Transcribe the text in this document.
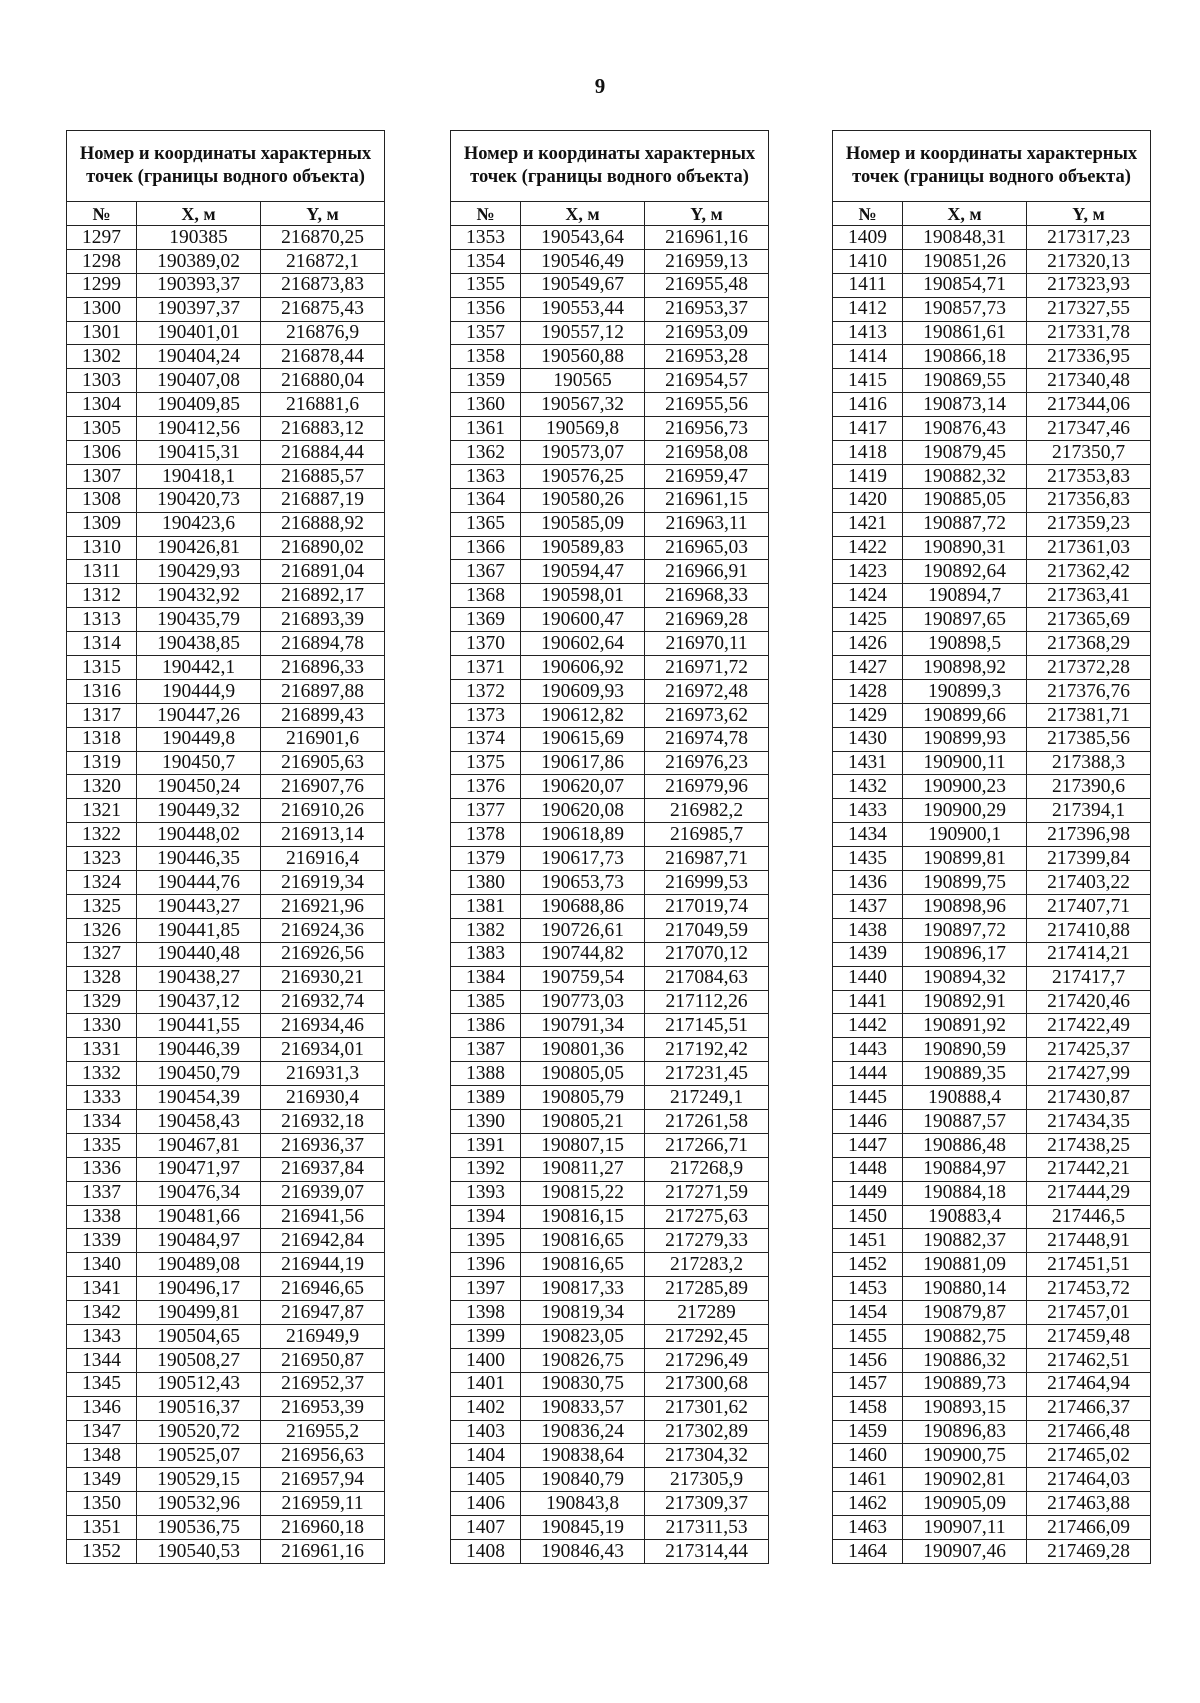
9
Номер и координаты характерных точек (границы водного объекта)		
№	X, м	Y, м
1297	190385	216870,25
1298	190389,02	216872,1
1299	190393,37	216873,83
1300	190397,37	216875,43
1301	190401,01	216876,9
1302	190404,24	216878,44
1303	190407,08	216880,04
1304	190409,85	216881,6
1305	190412,56	216883,12
1306	190415,31	216884,44
1307	190418,1	216885,57
1308	190420,73	216887,19
1309	190423,6	216888,92
1310	190426,81	216890,02
1311	190429,93	216891,04
1312	190432,92	216892,17
1313	190435,79	216893,39
1314	190438,85	216894,78
1315	190442,1	216896,33
1316	190444,9	216897,88
1317	190447,26	216899,43
1318	190449,8	216901,6
1319	190450,7	216905,63
1320	190450,24	216907,76
1321	190449,32	216910,26
1322	190448,02	216913,14
1323	190446,35	216916,4
1324	190444,76	216919,34
1325	190443,27	216921,96
1326	190441,85	216924,36
1327	190440,48	216926,56
1328	190438,27	216930,21
1329	190437,12	216932,74
1330	190441,55	216934,46
1331	190446,39	216934,01
1332	190450,79	216931,3
1333	190454,39	216930,4
1334	190458,43	216932,18
1335	190467,81	216936,37
1336	190471,97	216937,84
1337	190476,34	216939,07
1338	190481,66	216941,56
1339	190484,97	216942,84
1340	190489,08	216944,19
1341	190496,17	216946,65
1342	190499,81	216947,87
1343	190504,65	216949,9
1344	190508,27	216950,87
1345	190512,43	216952,37
1346	190516,37	216953,39
1347	190520,72	216955,2
1348	190525,07	216956,63
1349	190529,15	216957,94
1350	190532,96	216959,11
1351	190536,75	216960,18
1352	190540,53	216961,16
Номер и координаты характерных точек (границы водного объекта)		
№	X, м	Y, м
1353	190543,64	216961,16
1354	190546,49	216959,13
1355	190549,67	216955,48
1356	190553,44	216953,37
1357	190557,12	216953,09
1358	190560,88	216953,28
1359	190565	216954,57
1360	190567,32	216955,56
1361	190569,8	216956,73
1362	190573,07	216958,08
1363	190576,25	216959,47
1364	190580,26	216961,15
1365	190585,09	216963,11
1366	190589,83	216965,03
1367	190594,47	216966,91
1368	190598,01	216968,33
1369	190600,47	216969,28
1370	190602,64	216970,11
1371	190606,92	216971,72
1372	190609,93	216972,48
1373	190612,82	216973,62
1374	190615,69	216974,78
1375	190617,86	216976,23
1376	190620,07	216979,96
1377	190620,08	216982,2
1378	190618,89	216985,7
1379	190617,73	216987,71
1380	190653,73	216999,53
1381	190688,86	217019,74
1382	190726,61	217049,59
1383	190744,82	217070,12
1384	190759,54	217084,63
1385	190773,03	217112,26
1386	190791,34	217145,51
1387	190801,36	217192,42
1388	190805,05	217231,45
1389	190805,79	217249,1
1390	190805,21	217261,58
1391	190807,15	217266,71
1392	190811,27	217268,9
1393	190815,22	217271,59
1394	190816,15	217275,63
1395	190816,65	217279,33
1396	190816,65	217283,2
1397	190817,33	217285,89
1398	190819,34	217289
1399	190823,05	217292,45
1400	190826,75	217296,49
1401	190830,75	217300,68
1402	190833,57	217301,62
1403	190836,24	217302,89
1404	190838,64	217304,32
1405	190840,79	217305,9
1406	190843,8	217309,37
1407	190845,19	217311,53
1408	190846,43	217314,44
Номер и координаты характерных точек (границы водного объекта)		
№	X, м	Y, м
1409	190848,31	217317,23
1410	190851,26	217320,13
1411	190854,71	217323,93
1412	190857,73	217327,55
1413	190861,61	217331,78
1414	190866,18	217336,95
1415	190869,55	217340,48
1416	190873,14	217344,06
1417	190876,43	217347,46
1418	190879,45	217350,7
1419	190882,32	217353,83
1420	190885,05	217356,83
1421	190887,72	217359,23
1422	190890,31	217361,03
1423	190892,64	217362,42
1424	190894,7	217363,41
1425	190897,65	217365,69
1426	190898,5	217368,29
1427	190898,92	217372,28
1428	190899,3	217376,76
1429	190899,66	217381,71
1430	190899,93	217385,56
1431	190900,11	217388,3
1432	190900,23	217390,6
1433	190900,29	217394,1
1434	190900,1	217396,98
1435	190899,81	217399,84
1436	190899,75	217403,22
1437	190898,96	217407,71
1438	190897,72	217410,88
1439	190896,17	217414,21
1440	190894,32	217417,7
1441	190892,91	217420,46
1442	190891,92	217422,49
1443	190890,59	217425,37
1444	190889,35	217427,99
1445	190888,4	217430,87
1446	190887,57	217434,35
1447	190886,48	217438,25
1448	190884,97	217442,21
1449	190884,18	217444,29
1450	190883,4	217446,5
1451	190882,37	217448,91
1452	190881,09	217451,51
1453	190880,14	217453,72
1454	190879,87	217457,01
1455	190882,75	217459,48
1456	190886,32	217462,51
1457	190889,73	217464,94
1458	190893,15	217466,37
1459	190896,83	217466,48
1460	190900,75	217465,02
1461	190902,81	217464,03
1462	190905,09	217463,88
1463	190907,11	217466,09
1464	190907,46	217469,28
